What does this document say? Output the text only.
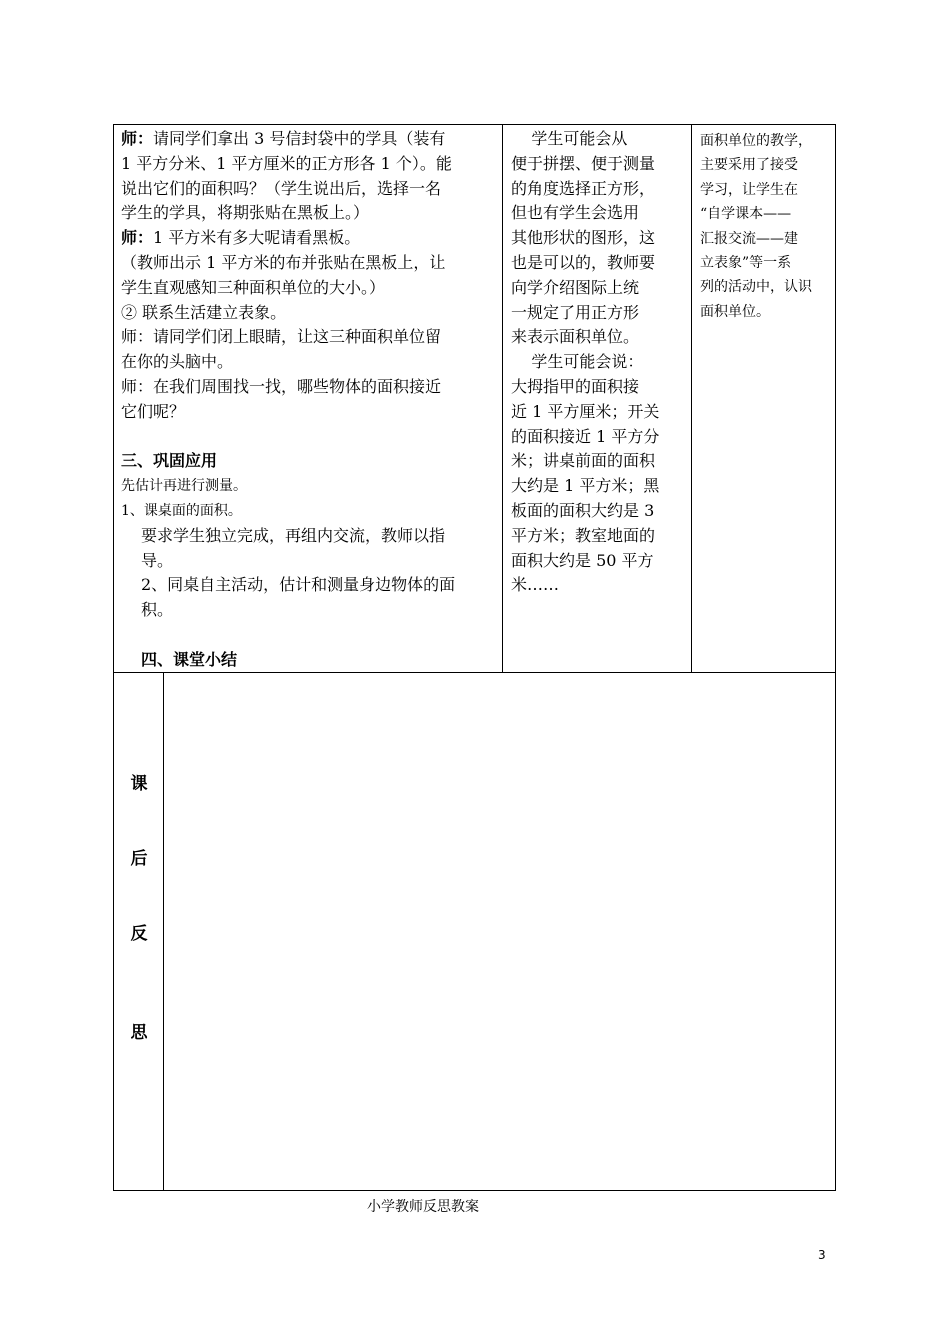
师：请同学们拿出 3 号信封袋中的学具（装有
1 平方分米、1 平方厘米的正方形各 1 个）。能
说出它们的面积吗？（学生说出后，选择一名
学生的学具，将期张贴在黑板上。）
师：1 平方米有多大呢请看黑板。
（教师出示 1 平方米的布并张贴在黑板上，让
学生直观感知三种面积单位的大小。）
② 联系生活建立表象。
师：请同学们闭上眼睛，让这三种面积单位留
在你的头脑中。
师：在我们周围找一找，哪些物体的面积接近
它们呢？
三、巩固应用
先估计再进行测量。
1、课桌面的面积。
要求学生独立完成，再组内交流，教师以指
导。
2、同桌自主活动，估计和测量身边物体的面
积。
四、课堂小结
学生可能会从
便于拼摆、便于测量
的角度选择正方形，
但也有学生会选用
其他形状的图形，这
也是可以的，教师要
向学介绍图际上统
一规定了用正方形
来表示面积单位。
学生可能会说：
大拇指甲的面积接
近 1 平方厘米；开关
的面积接近 1 平方分
米；讲桌前面的面积
大约是 1 平方米；黑
板面的面积大约是 3
平方米；教室地面的
面积大约是 50 平方
米……
面积单位的教学，
主要采用了接受
学习，让学生在
“自学课本——
汇报交流——建
立表象”等一系
列的活动中，认识
面积单位。
课
后
反
思
小学教师反思教案
3
